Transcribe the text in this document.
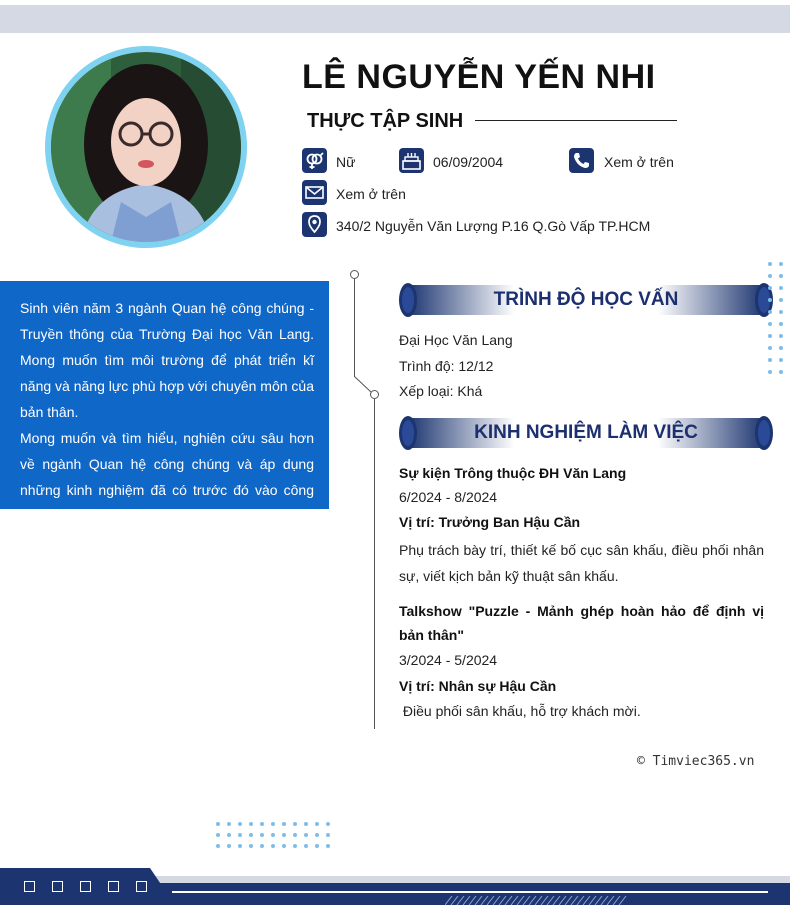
LÊ NGUYỄN YẾN NHI
THỰC TẬP SINH
Nữ	06/09/2004	Xem ở trên
Xem ở trên
340/2 Nguyễn Văn Lượng P.16 Q.Gò Vấp TP.HCM

Sinh viên năm 3 ngành Quan hệ công chúng - Truyền thông của Trường Đại học Văn Lang. Mong muốn tìm môi trường để phát triển kĩ năng và năng lực phù hợp với chuyên môn của bản thân.

Mong muốn và tìm hiểu, nghiên cứu sâu hơn về ngành Quan hệ công chúng và áp dụng những kinh nghiệm đã có trước đó vào công việc.

TRÌNH ĐỘ HỌC VẤN
Đại Học Văn Lang
Trình độ: 12/12
Xếp loại: Khá
KINH NGHIỆM LÀM VIỆC
Sự kiện Trông thuộc ĐH Văn Lang
6/2024 - 8/2024
Vị trí: Trưởng Ban Hậu Cần
Phụ trách bày trí, thiết kế bố cục sân khấu, điều phối nhân sự, viết kịch bản kỹ thuật sân khấu.
Talkshow "Puzzle - Mảnh ghép hoàn hảo để định vị bản thân"
3/2024 - 5/2024
Vị trí: Nhân sự Hậu Cần
Điều phối sân khấu, hỗ trợ khách mời.
© Timviec365.vn
